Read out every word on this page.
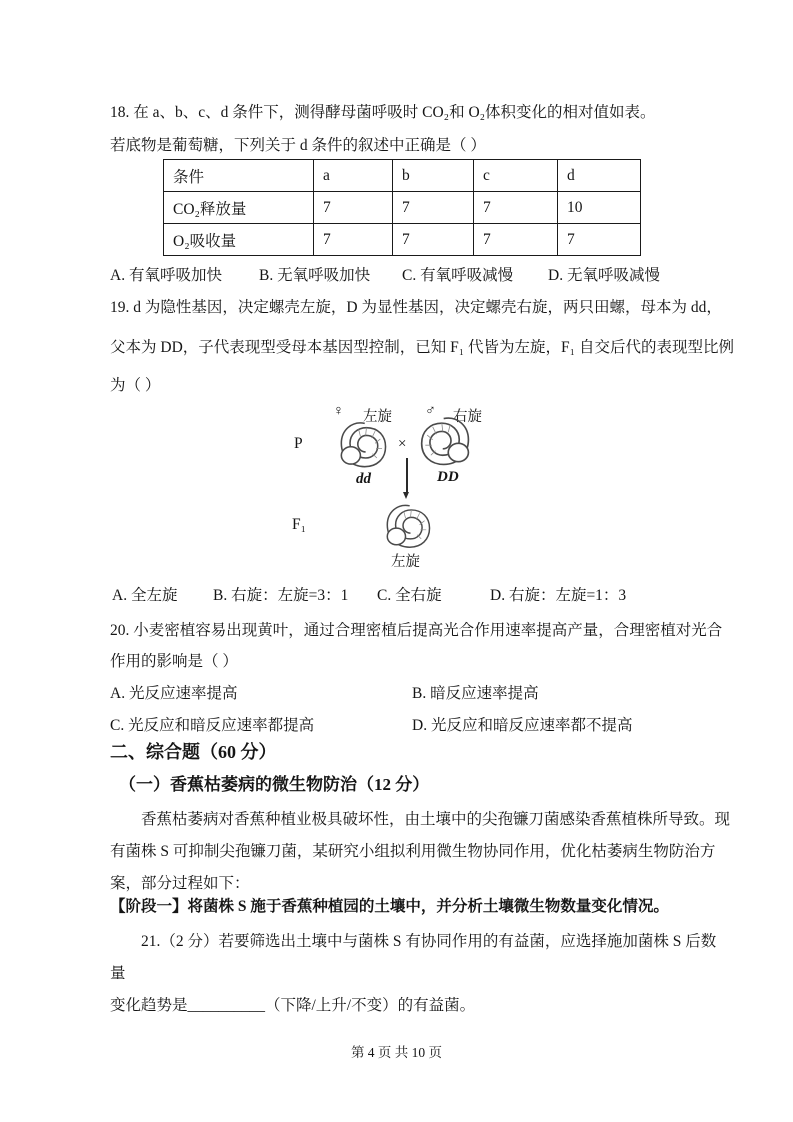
18. 在 a、b、c、d 条件下，测得酵母菌呼吸时 CO₂和 O₂体积变化的相对值如表。
若底物是葡萄糖，下列关于 d 条件的叙述中正确是（ ）
条件	a	b	c	d
CO₂释放量	7	7	7	10
O₂吸收量	7	7	7	7
A. 有氧呼吸加快 B. 无氧呼吸加快 C. 有氧呼吸减慢 D. 无氧呼吸减慢
19. d 为隐性基因，决定螺壳左旋，D 为显性基因，决定螺壳右旋，两只田螺，母本为 dd，
父本为 DD，子代表现型受母本基因型控制，已知 F₁ 代皆为左旋，F₁ 自交后代的表现型比例
为（ ）
♀ 左旋 ♂ 右旋
P	×
dd	DD
F₁
左旋
A. 全左旋 B. 右旋：左旋=3：1 C. 全右旋	D. 右旋：左旋=1：3
20. 小麦密植容易出现黄叶，通过合理密植后提高光合作用速率提高产量，合理密植对光合
作用的影响是（ ）
A. 光反应速率提高	B. 暗反应速率提高
C. 光反应和暗反应速率都提高	D. 光反应和暗反应速率都不提高
二、综合题（60 分）
（一）香蕉枯萎病的微生物防治（12 分）
香蕉枯萎病对香蕉种植业极具破坏性，由土壤中的尖孢镰刀菌感染香蕉植株所导致。现
有菌株 S 可抑制尖孢镰刀菌，某研究小组拟利用微生物协同作用，优化枯萎病生物防治方
案，部分过程如下：
【阶段一】将菌株 S 施于香蕉种植园的土壤中，并分析土壤微生物数量变化情况。
21.（2 分）若要筛选出土壤中与菌株 S 有协同作用的有益菌，应选择施加菌株 S 后数
量
变化趋势是__________（下降/上升/不变）的有益菌。
第 4 页 共 10 页
